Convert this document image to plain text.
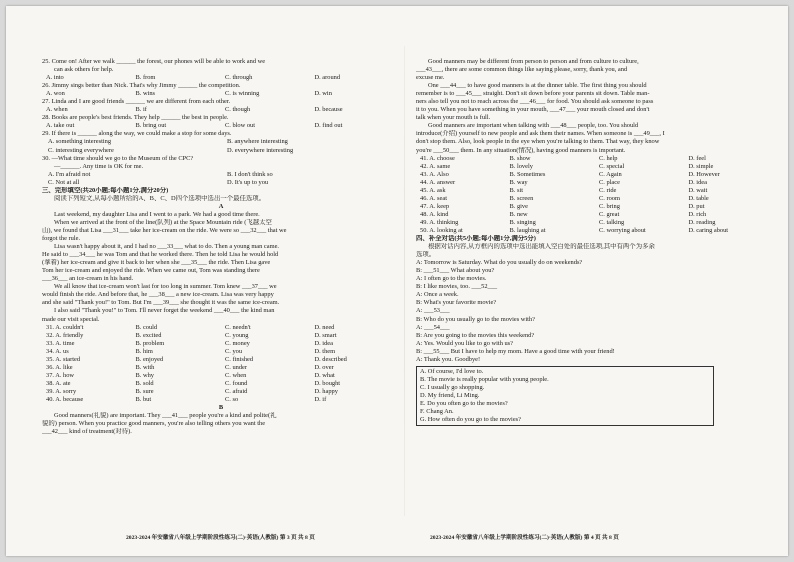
25. Come on! After we walk ______ the forest, our phones will be able to work and we
can ask others for help.
A. into	B. from	C. through	D. around
26. Jimmy sings better than Nick. That's why Jimmy ______ the competition.
A. won	B. wins	C. is winning	D. win
27. Linda and I are good friends ______ we are different from each other.
A. when	B. if	C. though	D. because
28. Books are people's best friends. They help ______ the best in people.
A. take out	B. bring out	C. blow out	D. find out
29. If there is ______ along the way, we could make a stop for some days.
A. something interesting	B. anywhere interesting
C. interesting everywhere	D. everywhere interesting
30. —What time should we go to the Museum of the CPC?
—______. Any time is OK for me.
A. I'm afraid not	B. I don't think so
C. Not at all	D. It's up to you
三、完形填空(共20小题;每小题1分,满分20分)
阅读下列短文,从每小题所给的A、B、C、D四个选项中选出一个最佳选项。
A
Last weekend, my daughter Lisa and I went to a park. We had a good time there.
When we arrived at the front of the line(队列) at the Space Mountain ride (飞越太空
山), we found that Lisa ___31___ take her ice-cream on the ride. We were so ___32___ that we
forgot the rule.
Lisa wasn't happy about it, and I had no ___33___ what to do. Then a young man came.
He said to ___34___ he was Tom and that he worked there. Then he told Lisa he would hold
(拿着) her ice-cream and give it back to her when she ___35___ the ride. Then Lisa gave
Tom her ice-cream and enjoyed the ride. When we came out, Tom was standing there
___36___ an ice-cream in his hand.
We all know that ice-cream won't last for too long in summer. Tom knew ___37___ we
would finish the ride. And before that, he ___38___ a new ice-cream. Lisa was very happy
and she said "Thank you!" to Tom. But I'm ___39___ she thought it was the same ice-cream.
I also said "Thank you!" to Tom. I'll never forget the weekend ___40___ the kind man
made our visit special.
31. A. couldn't	B. could	C. needn't	D. need
32. A. friendly	B. excited	C. young	D. smart
33. A. time	B. problem	C. money	D. idea
34. A. us	B. him	C. you	D. them
35. A. started	B. enjoyed	C. finished	D. described
36. A. like	B. with	C. under	D. over
37. A. how	B. why	C. when	D. what
38. A. ate	B. sold	C. found	D. bought
39. A. sorry	B. sure	C. afraid	D. happy
40. A. because	B. but	C. so	D. if
B
Good manners(礼貌) are important. They ___41___ people you're a kind and polite(礼
貌的) person. When you practice good manners, you're also telling others you want the
___42___ kind of treatment(对待).
Good manners may be different from person to person and from culture to culture,
___43___, there are some common things like saying please, sorry, thank you, and
excuse me.
One ___44___ to have good manners is at the dinner table. The first thing you should
remember is to ___45___ straight. Don't sit down before your parents sit down. Table man-
ners also tell you not to reach across the ___46___ for food. You should ask someone to pass
it to you. When you have something in your mouth, ___47___ your mouth closed and don't
talk when your mouth is full.
Good manners are important when talking with ___48___ people, too. You should
introduce(介绍) yourself to new people and ask them their names. When someone is ___49___, I
don't stop them. Also, look people in the eye when you're talking to them. That way, they know
you're ___50___ them. In any situation(情况), having good manners is important.
41. A. choose	B. show	C. help	D. feel
42. A. same	B. lovely	C. special	D. simple
43. A. Also	B. Sometimes	C. Again	D. However
44. A. answer	B. way	C. place	D. idea
45. A. ask	B. sit	C. ride	D. wait
46. A. seat	B. screen	C. room	D. table
47. A. keep	B. give	C. bring	D. put
48. A. kind	B. new	C. great	D. rich
49. A. thinking	B. singing	C. talking	D. reading
50. A. looking at	B. laughing at	C. worrying about	D. caring about
四、补全对话(共5小题;每小题1分,满分5分)
根据对话内容,从方框内的选项中选出能填入空白处的最佳选项,其中有两个为多余
选项。
A: Tomorrow is Saturday. What do you usually do on weekends?
B: ___51___ What about you?
A: I often go to the movies.
B: I like movies, too. ___52___
A: Once a week.
B: What's your favorite movie?
A: ___53___
B: Who do you usually go to the movies with?
A: ___54___
B: Are you going to the movies this weekend?
A: Yes. Would you like to go with us?
B: ___55___ But I have to help my mom. Have a good time with your friend!
A: Thank you. Goodbye!
A. Of course, I'd love to.
B. The movie is really popular with young people.
C. I usually go shopping.
D. My friend, Li Ming.
E. Do you often go to the movies?
F. Chang An.
G. How often do you go to the movies?
2023-2024 年安徽省八年级上学期阶段性练习(二)·英语(人教版) 第 3 页 共 8 页	2023-2024 年安徽省八年级上学期阶段性练习(二)·英语(人教版) 第 4 页 共 8 页
